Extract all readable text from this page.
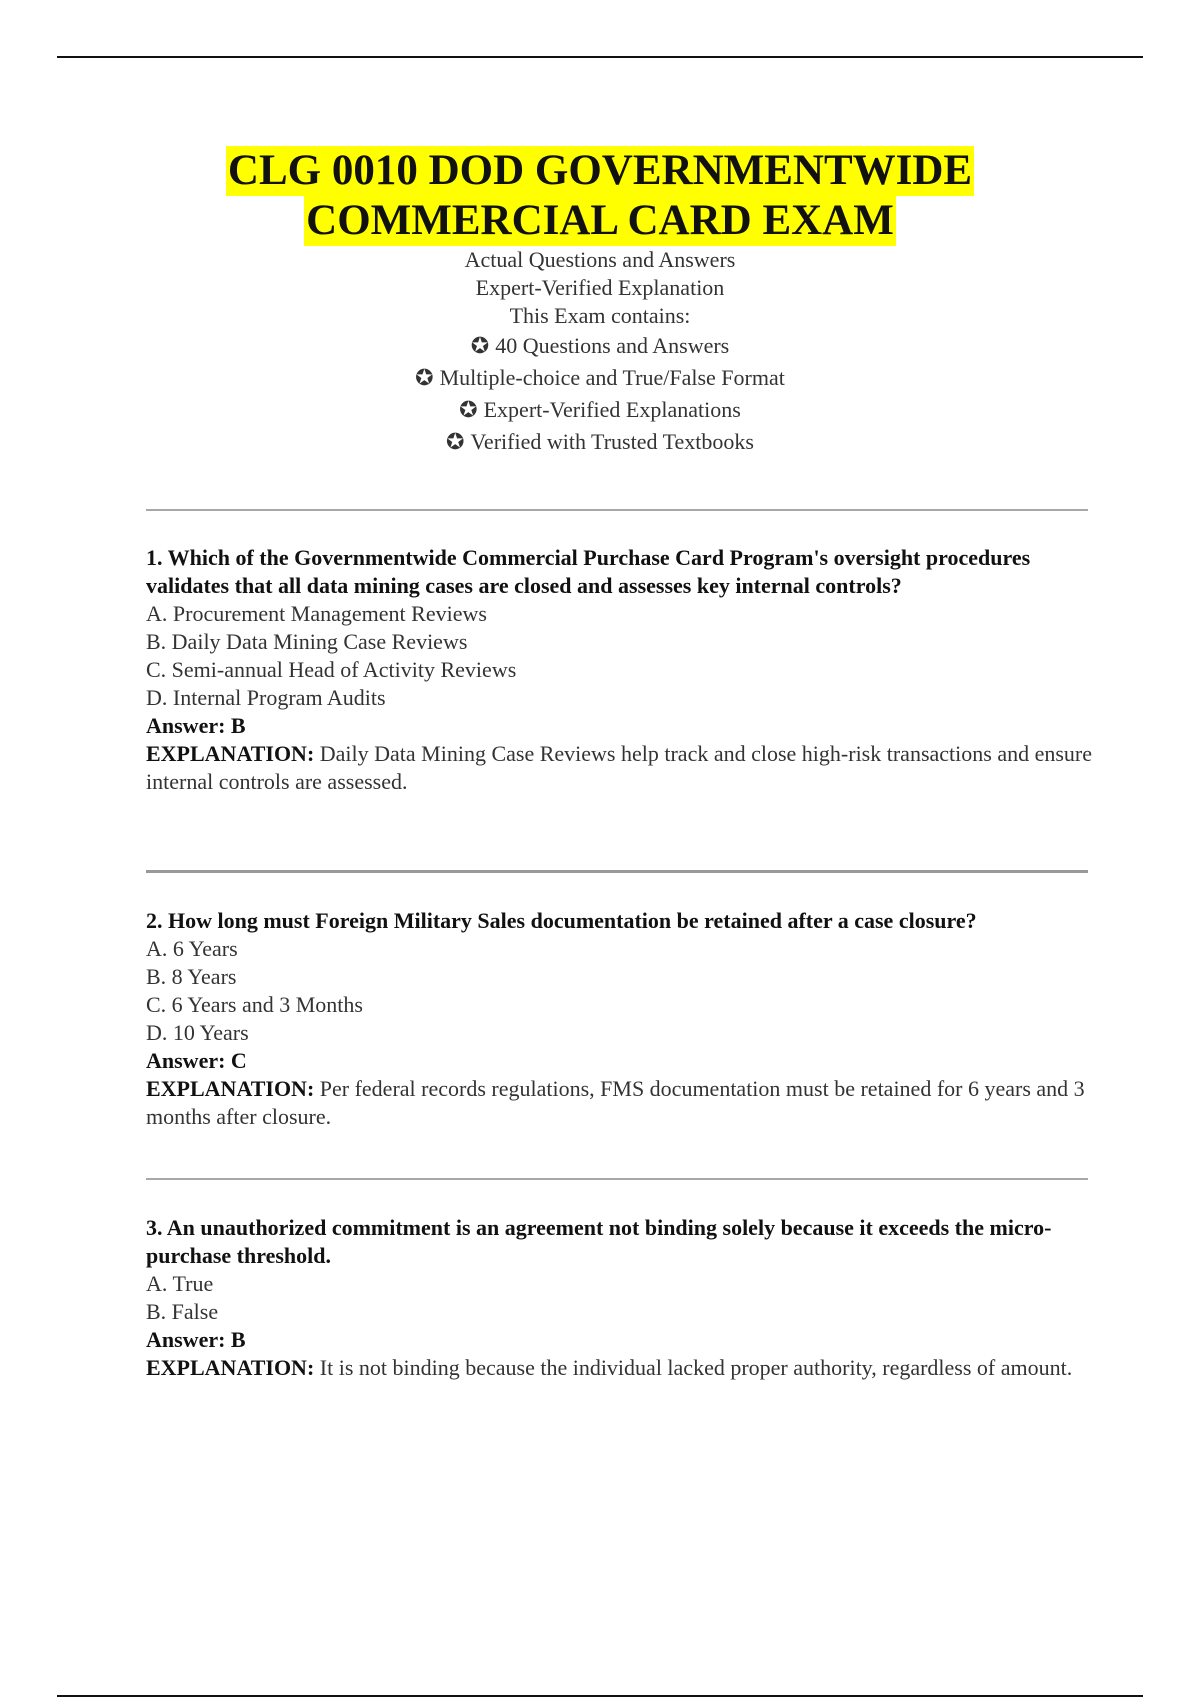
CLG 0010 DOD GOVERNMENTWIDE
COMMERCIAL CARD EXAM
Actual Questions and Answers
Expert-Verified Explanation
This Exam contains:
✪ 40 Questions and Answers
✪ Multiple-choice and True/False Format
✪ Expert-Verified Explanations
✪ Verified with Trusted Textbooks
1. Which of the Governmentwide Commercial Purchase Card Program's oversight procedures validates that all data mining cases are closed and assesses key internal controls?
A. Procurement Management Reviews
B. Daily Data Mining Case Reviews
C. Semi-annual Head of Activity Reviews
D. Internal Program Audits
Answer: B
EXPLANATION: Daily Data Mining Case Reviews help track and close high-risk transactions and ensure internal controls are assessed.
2. How long must Foreign Military Sales documentation be retained after a case closure?
A. 6 Years
B. 8 Years
C. 6 Years and 3 Months
D. 10 Years
Answer: C
EXPLANATION: Per federal records regulations, FMS documentation must be retained for 6 years and 3 months after closure.
3. An unauthorized commitment is an agreement not binding solely because it exceeds the micro-purchase threshold.
A. True
B. False
Answer: B
EXPLANATION: It is not binding because the individual lacked proper authority, regardless of amount.
